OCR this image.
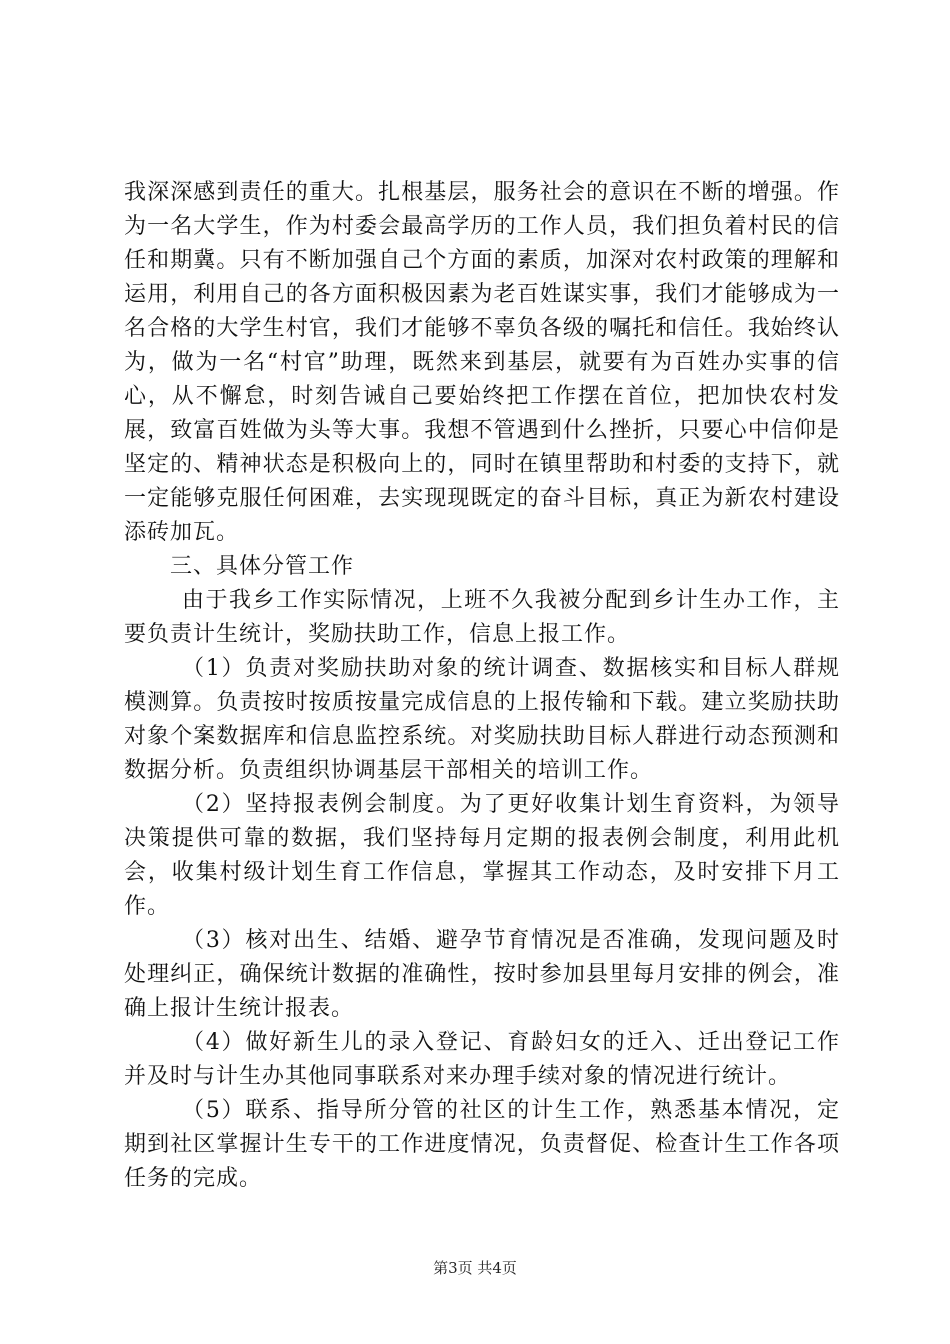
我深深感到责任的重大。扎根基层，服务社会的意识在不断的增强。作为一名大学生，作为村委会最高学历的工作人员，我们担负着村民的信任和期冀。只有不断加强自己个方面的素质，加深对农村政策的理解和运用，利用自己的各方面积极因素为老百姓谋实事，我们才能够成为一名合格的大学生村官，我们才能够不辜负各级的嘱托和信任。我始终认为，做为一名“村官”助理，既然来到基层，就要有为百姓办实事的信心，从不懈怠，时刻告诫自己要始终把工作摆在首位，把加快农村发展，致富百姓做为头等大事。我想不管遇到什么挫折，只要心中信仰是坚定的、精神状态是积极向上的，同时在镇里帮助和村委的支持下，就一定能够克服任何困难，去实现现既定的奋斗目标，真正为新农村建设添砖加瓦。

三、具体分管工作

由于我乡工作实际情况，上班不久我被分配到乡计生办工作，主要负责计生统计，奖励扶助工作，信息上报工作。

（1）负责对奖励扶助对象的统计调查、数据核实和目标人群规模测算。负责按时按质按量完成信息的上报传输和下载。建立奖励扶助对象个案数据库和信息监控系统。对奖励扶助目标人群进行动态预测和数据分析。负责组织协调基层干部相关的培训工作。

（2）坚持报表例会制度。为了更好收集计划生育资料，为领导决策提供可靠的数据，我们坚持每月定期的报表例会制度，利用此机会，收集村级计划生育工作信息，掌握其工作动态，及时安排下月工作。

（3）核对出生、结婚、避孕节育情况是否准确，发现问题及时处理纠正，确保统计数据的准确性，按时参加县里每月安排的例会，准确上报计生统计报表。

（4）做好新生儿的录入登记、育龄妇女的迁入、迁出登记工作并及时与计生办其他同事联系对来办理手续对象的情况进行统计。

（5）联系、指导所分管的社区的计生工作，熟悉基本情况，定期到社区掌握计生专干的工作进度情况，负责督促、检查计生工作各项任务的完成。

第3页 共4页
